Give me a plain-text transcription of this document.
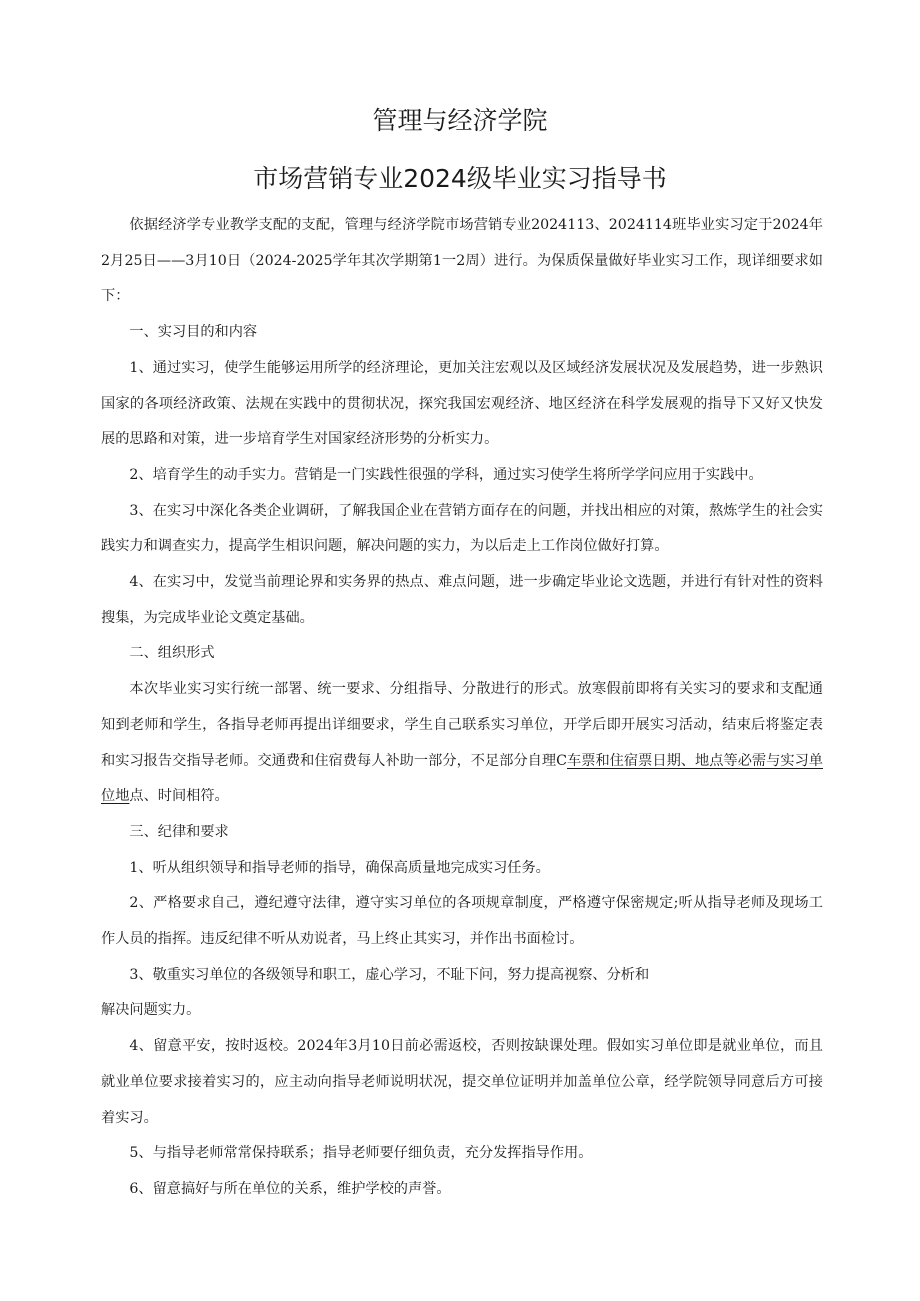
管理与经济学院
市场营销专业2024级毕业实习指导书

依据经济学专业教学支配的支配，管理与经济学院市场营销专业2024113、2024114班毕业实习定于2024年2月25日——3月10日（2024-2025学年其次学期第1一2周）进行。为保质保量做好毕业实习工作，现详细要求如下：

一、实习目的和内容

1、通过实习，使学生能够运用所学的经济理论，更加关注宏观以及区域经济发展状况及发展趋势，进一步熟识国家的各项经济政策、法规在实践中的贯彻状况，探究我国宏观经济、地区经济在科学发展观的指导下又好又快发展的思路和对策，进一步培育学生对国家经济形势的分析实力。

2、培育学生的动手实力。营销是一门实践性很强的学科，通过实习使学生将所学学问应用于实践中。

3、在实习中深化各类企业调研，了解我国企业在营销方面存在的问题，并找出相应的对策，熬炼学生的社会实践实力和调查实力，提高学生相识问题，解决问题的实力，为以后走上工作岗位做好打算。

4、在实习中，发觉当前理论界和实务界的热点、难点问题，进一步确定毕业论文选题，并进行有针对性的资料搜集，为完成毕业论文奠定基础。

二、组织形式

本次毕业实习实行统一部署、统一要求、分组指导、分散进行的形式。放寒假前即将有关实习的要求和支配通知到老师和学生，各指导老师再提出详细要求，学生自己联系实习单位，开学后即开展实习活动，结束后将鉴定表和实习报告交指导老师。交通费和住宿费每人补助一部分，不足部分自理C车票和住宿票日期、地点等必需与实习单位地点、时间相符。

三、纪律和要求

1、听从组织领导和指导老师的指导，确保高质量地完成实习任务。

2、严格要求自己，遵纪遵守法律，遵守实习单位的各项规章制度，严格遵守保密规定;听从指导老师及现场工作人员的指挥。违反纪律不听从劝说者，马上终止其实习，并作出书面检讨。

3、敬重实习单位的各级领导和职工，虚心学习，不耻下问，努力提高视察、分析和

解决问题实力。

4、留意平安，按时返校。2024年3月10日前必需返校，否则按缺课处理。假如实习单位即是就业单位，而且就业单位要求接着实习的，应主动向指导老师说明状况，提交单位证明并加盖单位公章，经学院领导同意后方可接着实习。

5、与指导老师常常保持联系；指导老师要仔细负责，充分发挥指导作用。

6、留意搞好与所在单位的关系，维护学校的声誉。
